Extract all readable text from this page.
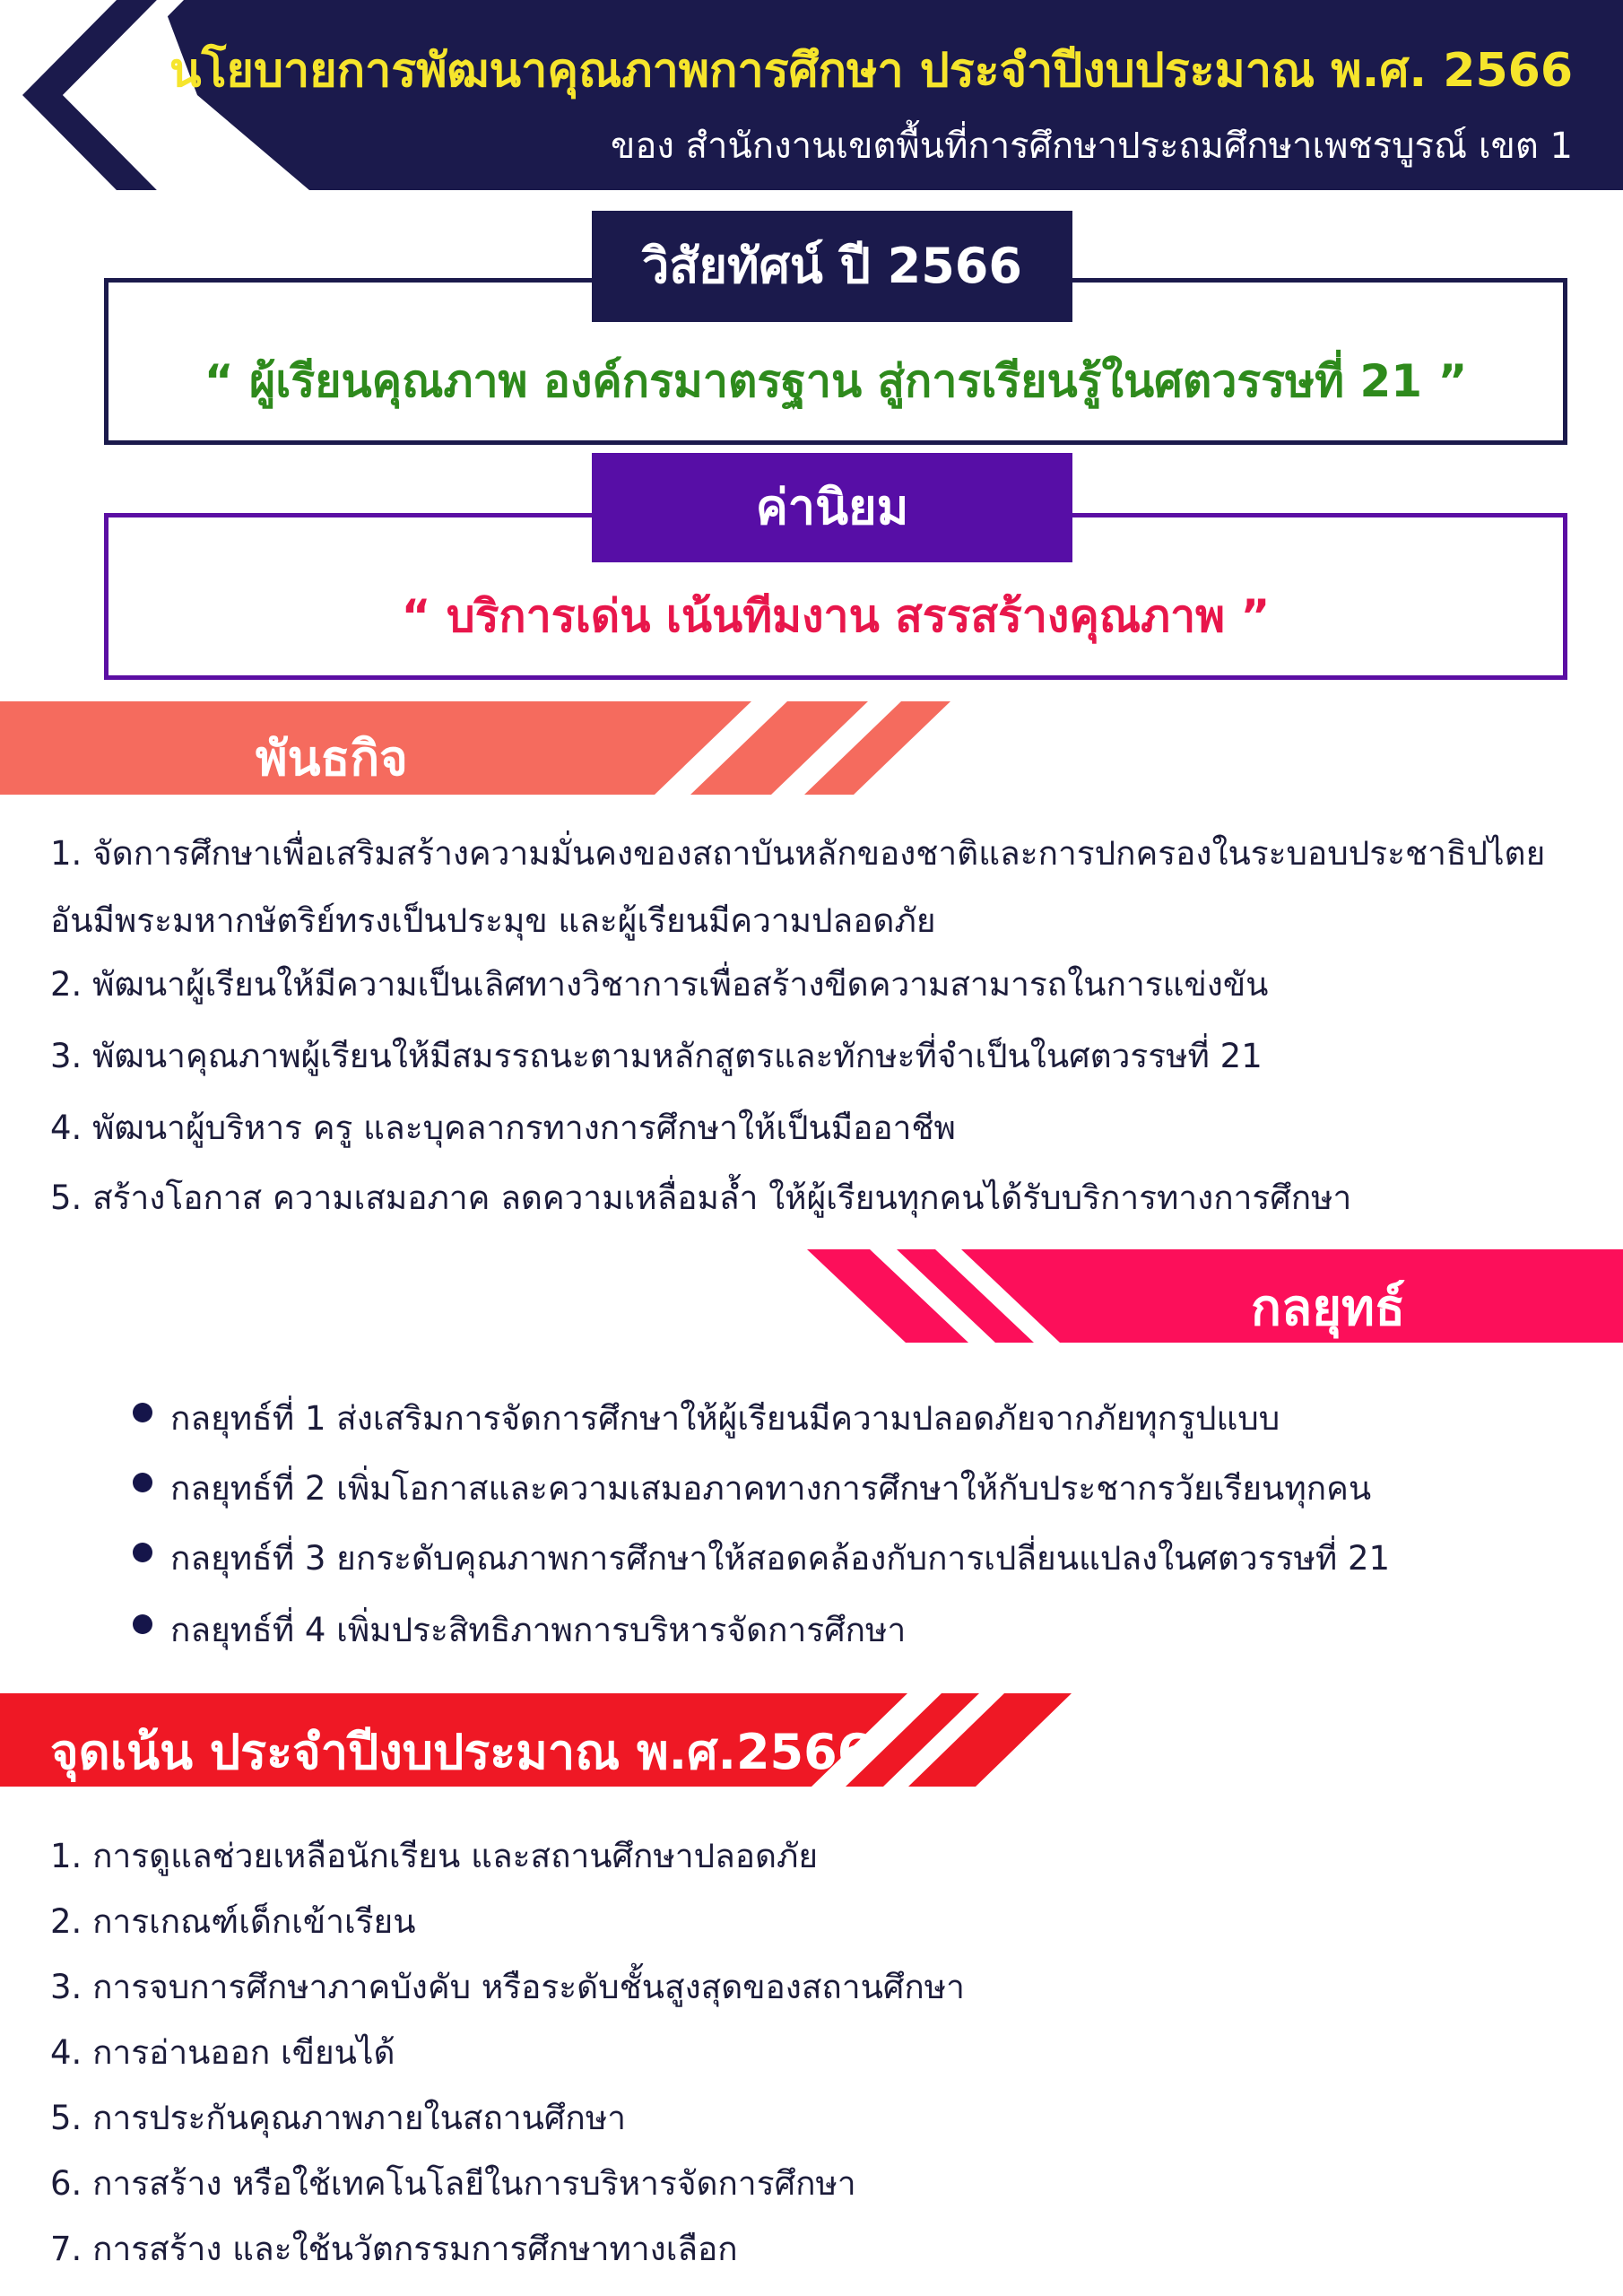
นโยบายการพัฒนาคุณภาพการศึกษา ประจำปีงบประมาณ พ.ศ. 2566
ของ สำนักงานเขตพื้นที่การศึกษาประถมศึกษาเพชรบูรณ์ เขต 1
“ ผู้เรียนคุณภาพ องค์กรมาตรฐาน สู่การเรียนรู้ในศตวรรษที่ 21 ”
วิสัยทัศน์ ปี 2566
“ บริการเด่น เน้นทีมงาน สรรสร้างคุณภาพ ”
ค่านิยม
พันธกิจ
1. จัดการศึกษาเพื่อเสริมสร้างความมั่นคงของสถาบันหลักของชาติและการปกครองในระบอบประชาธิปไตย
อันมีพระมหากษัตริย์ทรงเป็นประมุข และผู้เรียนมีความปลอดภัย
2. พัฒนาผู้เรียนให้มีความเป็นเลิศทางวิชาการเพื่อสร้างขีดความสามารถในการแข่งขัน
3. พัฒนาคุณภาพผู้เรียนให้มีสมรรถนะตามหลักสูตรและทักษะที่จำเป็นในศตวรรษที่ 21
4. พัฒนาผู้บริหาร ครู และบุคลากรทางการศึกษาให้เป็นมืออาชีพ
5. สร้างโอกาส ความเสมอภาค ลดความเหลื่อมล้ำ ให้ผู้เรียนทุกคนได้รับบริการทางการศึกษา
กลยุทธ์
กลยุทธ์ที่ 1 ส่งเสริมการจัดการศึกษาให้ผู้เรียนมีความปลอดภัยจากภัยทุกรูปแบบ
กลยุทธ์ที่ 2 เพิ่มโอกาสและความเสมอภาคทางการศึกษาให้กับประชากรวัยเรียนทุกคน
กลยุทธ์ที่ 3 ยกระดับคุณภาพการศึกษาให้สอดคล้องกับการเปลี่ยนแปลงในศตวรรษที่ 21
กลยุทธ์ที่ 4 เพิ่มประสิทธิภาพการบริหารจัดการศึกษา
จุดเน้น ประจำปีงบประมาณ พ.ศ.2566
1. การดูแลช่วยเหลือนักเรียน และสถานศึกษาปลอดภัย
2. การเกณฑ์เด็กเข้าเรียน
3. การจบการศึกษาภาคบังคับ หรือระดับชั้นสูงสุดของสถานศึกษา
4. การอ่านออก เขียนได้
5. การประกันคุณภาพภายในสถานศึกษา
6. การสร้าง หรือใช้เทคโนโลยีในการบริหารจัดการศึกษา
7. การสร้าง และใช้นวัตกรรมการศึกษาทางเลือก
